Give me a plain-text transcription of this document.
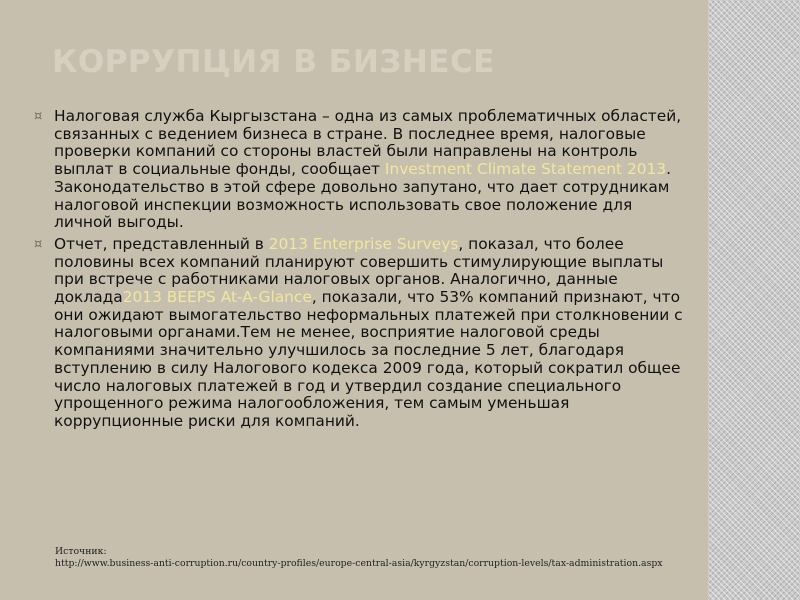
КОРРУПЦИЯ В БИЗНЕСЕ
¤ Налоговая служба Кыргызстана – одна из самых проблематичных областей, связанных с ведением бизнеса в стране. В последнее время, налоговые проверки компаний со стороны властей были направлены на контроль выплат в социальные фонды, сообщает Investment Climate Statement 2013. Законодательство в этой сфере довольно запутано, что дает сотрудникам налоговой инспекции возможность использовать свое положение для личной выгоды.
¤ Отчет, представленный в 2013 Enterprise Surveys, показал, что более половины всех компаний планируют совершить стимулирующие выплаты при встрече с работниками налоговых органов. Аналогично, данные доклада2013 BEEPS At-A-Glance, показали, что 53% компаний признают, что они ожидают вымогательство неформальных платежей при столкновении с налоговыми органами.Тем не менее, восприятие налоговой среды компаниями значительно улучшилось за последние 5 лет, благодаря вступлению в силу Налогового кодекса 2009 года, который сократил общее число налоговых платежей в год и утвердил создание специального упрощенного режима налогообложения, тем самым уменьшая коррупционные риски для компаний.
Источник:
http://www.business-anti-corruption.ru/country-profiles/europe-central-asia/kyrgyzstan/corruption-levels/tax-administration.aspx
